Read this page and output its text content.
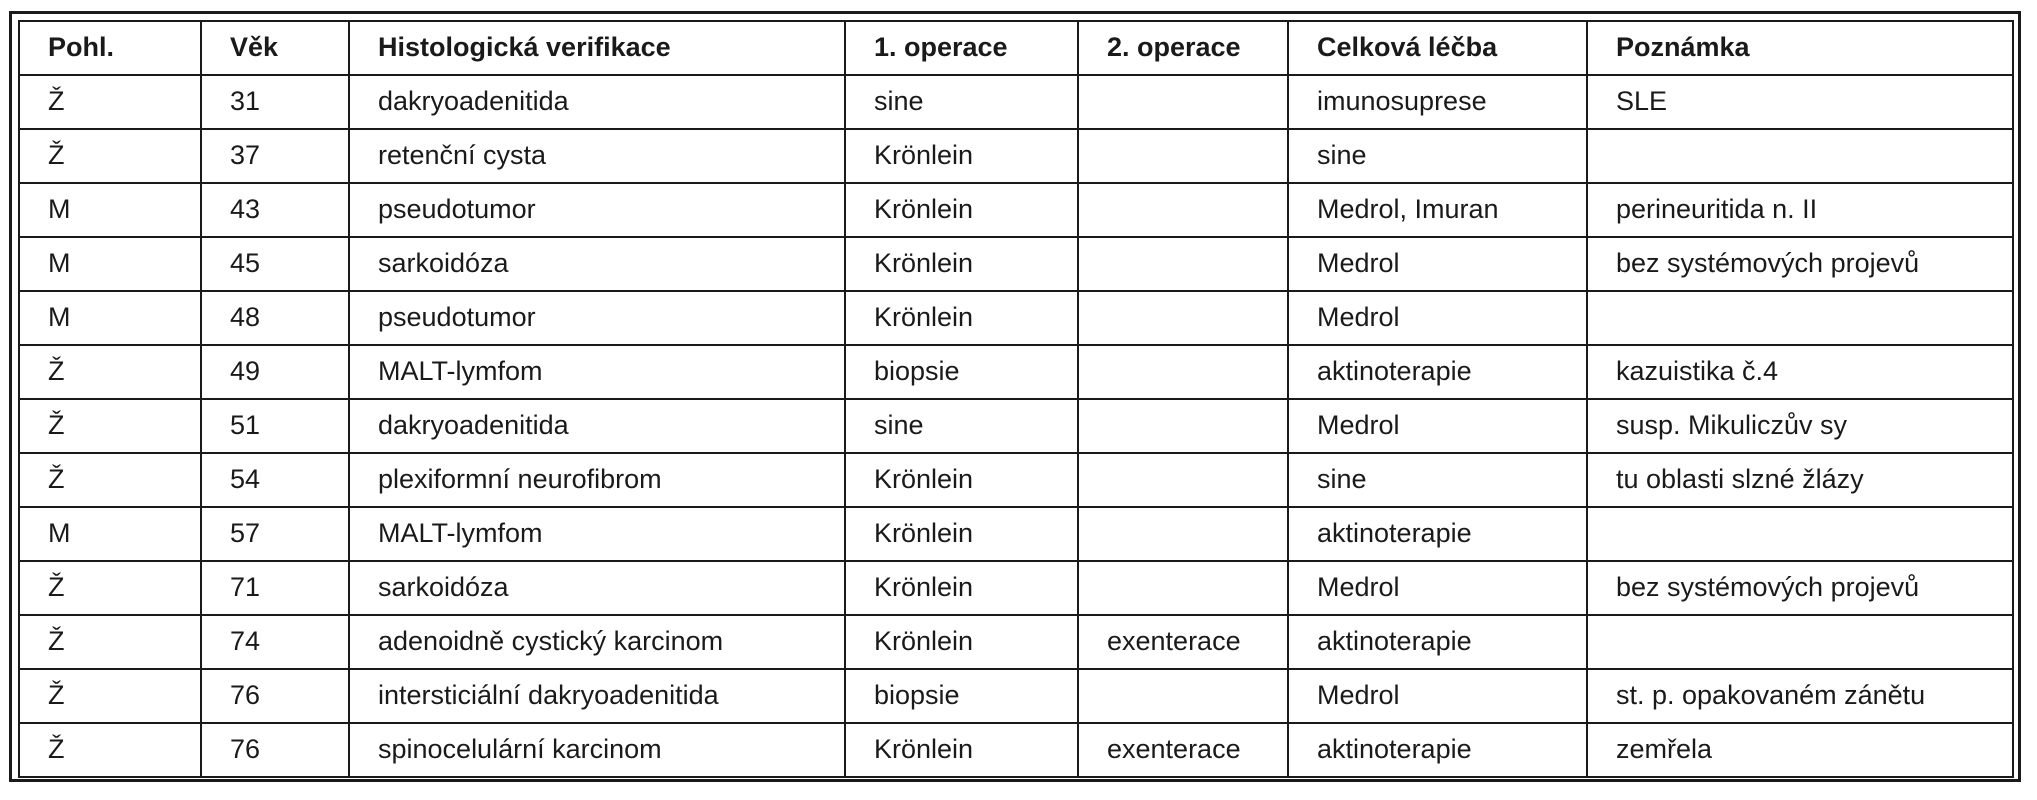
Pohl.	Věk	Histologická verifikace	1. operace	2. operace	Celková léčba	Poznámka
Ž	31	dakryoadenitida	sine		imunosuprese	SLE
Ž	37	retenční cysta	Krönlein		sine	
M	43	pseudotumor	Krönlein		Medrol, Imuran	perineuritida n. II
M	45	sarkoidóza	Krönlein		Medrol	bez systémových projevů
M	48	pseudotumor	Krönlein		Medrol	
Ž	49	MALT-lymfom	biopsie		aktinoterapie	kazuistika č.4
Ž	51	dakryoadenitida	sine		Medrol	susp. Mikuliczův sy
Ž	54	plexiformní neurofibrom	Krönlein		sine	tu oblasti slzné žlázy
M	57	MALT-lymfom	Krönlein		aktinoterapie	
Ž	71	sarkoidóza	Krönlein		Medrol	bez systémových projevů
Ž	74	adenoidně cystický karcinom	Krönlein	exenterace	aktinoterapie	
Ž	76	intersticiální dakryoadenitida	biopsie		Medrol	st. p. opakovaném zánětu
Ž	76	spinocelulární karcinom	Krönlein	exenterace	aktinoterapie	zemřela
